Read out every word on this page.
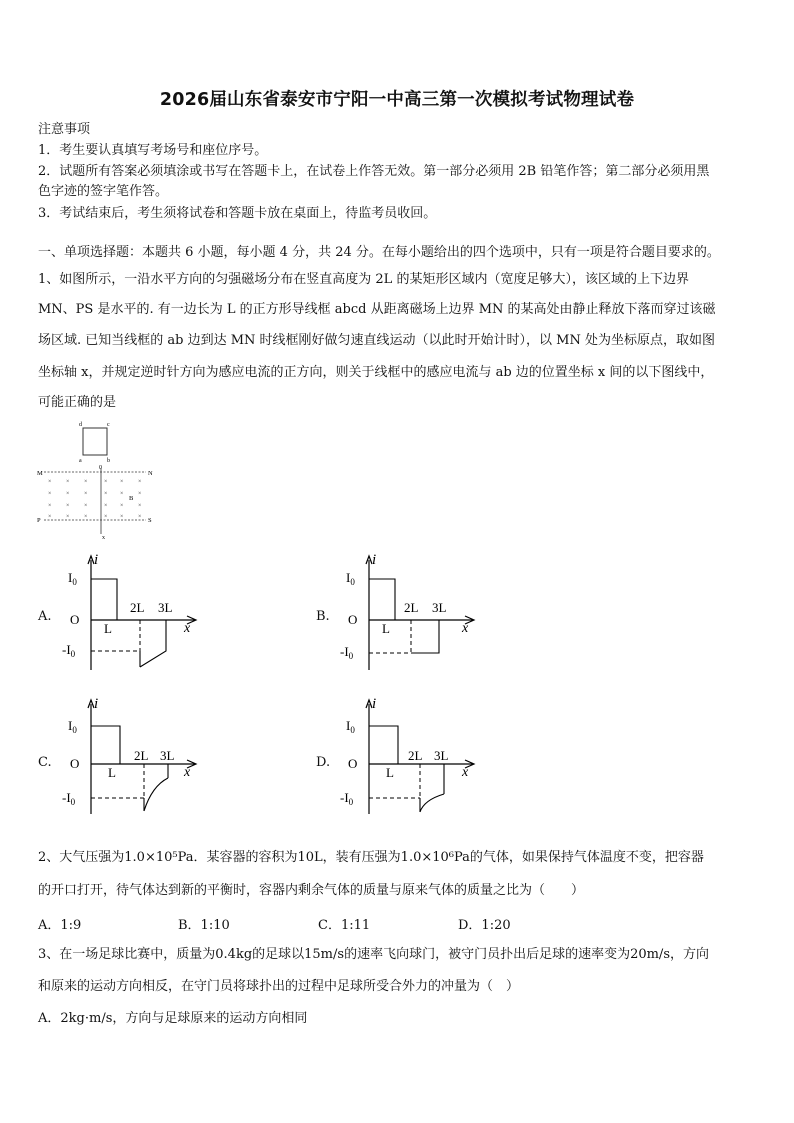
2026届山东省泰安市宁阳一中高三第一次模拟考试物理试卷
注意事项
1．考生要认真填写考场号和座位序号。
2．试题所有答案必须填涂或书写在答题卡上，在试卷上作答无效。第一部分必须用 2B 铅笔作答；第二部分必须用黑
色字迹的签字笔作答。
3．考试结束后，考生须将试卷和答题卡放在桌面上，待监考员收回。
一、单项选择题：本题共 6 小题，每小题 4 分，共 24 分。在每小题给出的四个选项中，只有一项是符合题目要求的。
1、如图所示，一沿水平方向的匀强磁场分布在竖直高度为 2L 的某矩形区域内（宽度足够大），该区域的上下边界
MN、PS 是水平的. 有一边长为 L 的正方形导线框 abcd 从距离磁场上边界 MN 的某高处由静止释放下落而穿过该磁
场区域. 已知当线框的 ab 边到达 MN 时线框刚好做匀速直线运动（以此时开始计时），以 MN 处为坐标原点，取如图
坐标轴 x，并规定逆时针方向为感应电流的正方向，则关于线框中的感应电流与 ab 边的位置坐标 x 间的以下图线中，
可能正确的是
d	c
a	b
0
M
P
N
S
x
B
× × ×	× × ×
× × ×	× × ×
× × ×	× × ×
× × ×	× × ×
A.	B.
C.	D.
i
$I_0$
$-I_0$
O
L
2L 3L
x
i
$I_0$
$-I_0$
O
L
2L 3L
x
i
$I_0$
$-I_0$
O
L
2L 3L
x
i
$I_0$
$-I_0$
O
L
2L 3L
x
2、大气压强为1.0×10⁵Pa．某容器的容积为10L，装有压强为1.0×10⁶Pa的气体，如果保持气体温度不变，把容器
的开口打开，待气体达到新的平衡时，容器内剩余气体的质量与原来气体的质量之比为（　　）
A．1:9	B．1:10	C．1:11	D．1:20
3、在一场足球比赛中，质量为0.4kg的足球以15m/s的速率飞向球门，被守门员扑出后足球的速率变为20m/s，方向
和原来的运动方向相反，在守门员将球扑出的过程中足球所受合外力的冲量为（　）
A．2kg·m/s，方向与足球原来的运动方向相同
